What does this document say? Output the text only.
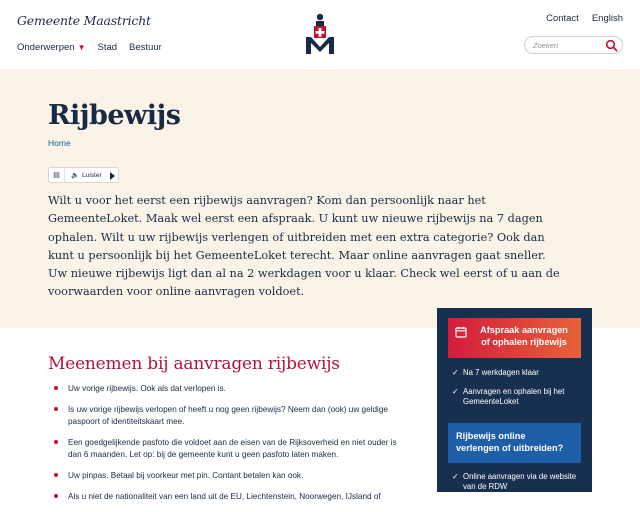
Gemeente Maastricht
Onderwerpen ▼ Stad Bestuur
Contact English
Zoeken
Rijbewijs
Home
▤	🔈 Luister
Wilt u voor het eerst een rijbewijs aanvragen? Kom dan persoonlijk naar het
GemeenteLoket. Maak wel eerst een afspraak. U kunt uw nieuwe rijbewijs na 7 dagen
ophalen. Wilt u uw rijbewijs verlengen of uitbreiden met een extra categorie? Ook dan
kunt u persoonlijk bij het GemeenteLoket terecht. Maar online aanvragen gaat sneller.
Uw nieuwe rijbewijs ligt dan al na 2 werkdagen voor u klaar. Check wel eerst of u aan de
voorwaarden voor online aanvragen voldoet.
Meenemen bij aanvragen rijbewijs
Uw vorige rijbewijs. Ook als dat verlopen is.
Is uw vorige rijbewijs verlopen of heeft u nog geen rijbewijs? Neem dan (ook) uw geldige
paspoort of identiteitskaart mee.
Een goedgelijkende pasfoto die voldoet aan de eisen van de Rijksoverheid en niet ouder is
dan 6 maanden. Let op: bij de gemeente kunt u geen pasfoto laten maken.
Uw pinpas. Betaal bij voorkeur met pin. Contant betalen kan ook.
Als u niet de nationaliteit van een land uit de EU, Liechtenstein, Noorwegen, IJsland of
Afspraak aanvragen
of ophalen rijbewijs
✓ Na 7 werkdagen klaar
✓ Aanvragen en ophalen bij het
GemeenteLoket
Rijbewijs online
verlengen of uitbreiden?
✓ Online aanvragen via de website
van de RDW
